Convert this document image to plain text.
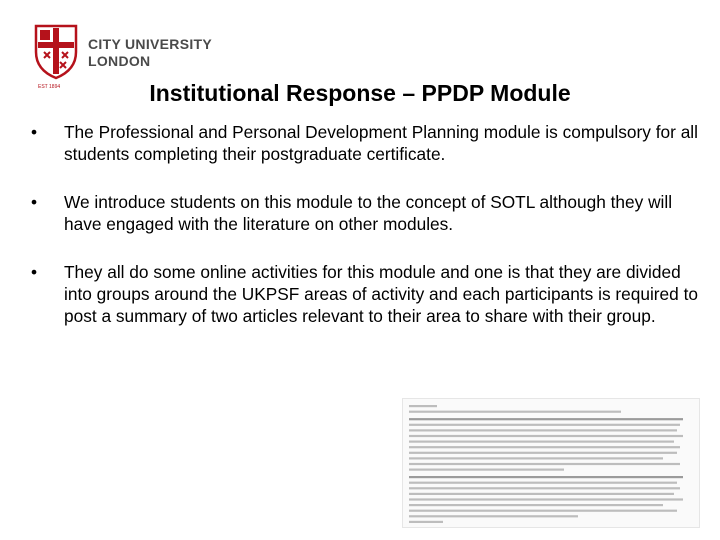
CITY UNIVERSITY
LONDON
EST 1894	Institutional Response – PPDP Module
• The Professional and Personal Development Planning module is compulsory for all students completing their postgraduate certificate.
• We introduce students on this module to the concept of SOTL although they will have engaged with the literature on other modules.
• They all do some online activities for this module and one is that they are divided into groups around the UKPSF areas of activity and each participants is required to post a summary of two articles relevant to their area to share with their group.
